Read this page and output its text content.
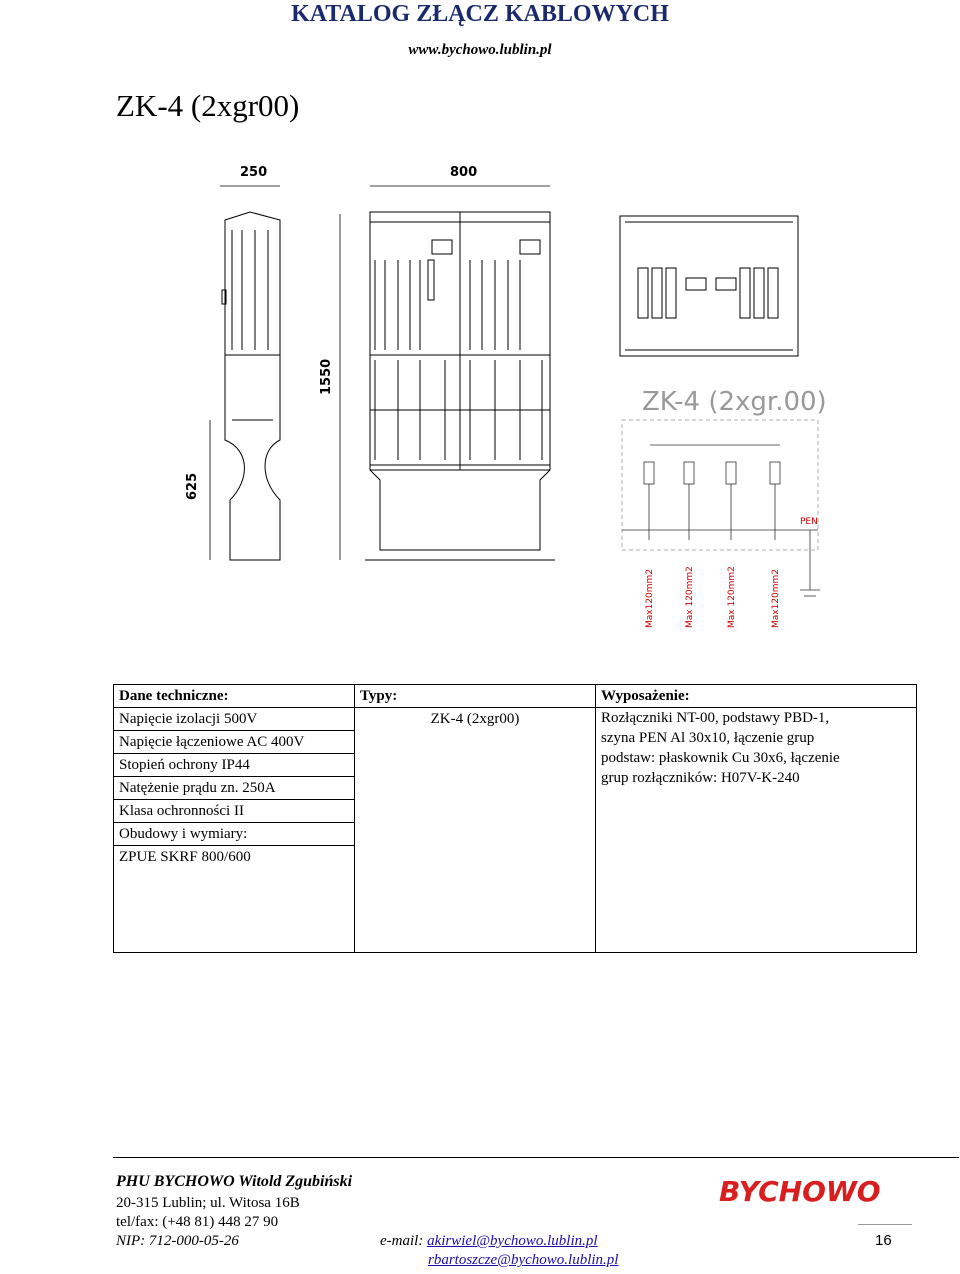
KATALOG ZŁĄCZ KABLOWYCH
www.bychowo.lublin.pl
ZK-4 (2xgr00)
250	800
1550
625
ZK-4 (2xgr.00)
PEN
Max120mm2	Max 120mm2	Max 120mm2	Max120mm2
Dane techniczne:	Typy:	Wyposażenie:
Napięcie izolacji 500V	ZK-4 (2xgr00)	Rozłączniki NT-00, podstawy PBD-1,
szyna PEN Al 30x10, łączenie grup
podstaw: płaskownik Cu 30x6, łączenie
grup rozłączników: H07V-K-240

Napięcie łączeniowe AC 400V		
Stopień ochrony IP44		
Natężenie prądu zn. 250A		
Klasa ochronności II		
Obudowy i wymiary:		
ZPUE SKRF 800/600		
PHU BYCHOWO Witold Zgubiński
20-315 Lublin; ul. Witosa 16B
tel/fax: (+48 81) 448 27 90
NIP: 712-000-05-26	e-mail: akirwiel@bychowo.lublin.pl
rbartoszcze@bychowo.lublin.pl
BYCHOWO
16
